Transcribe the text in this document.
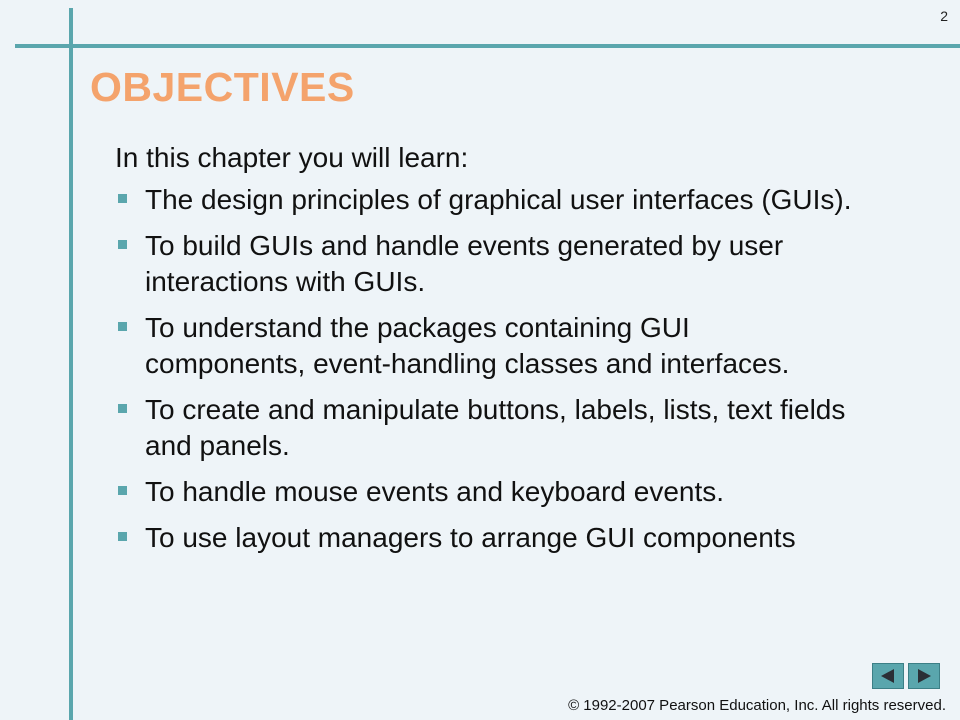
2
OBJECTIVES
In this chapter you will learn:
The design principles of graphical user interfaces (GUIs).
To build GUIs and handle events generated by user interactions with GUIs.
To understand the packages containing GUI components, event-handling classes and interfaces.
To create and manipulate buttons, labels, lists, text fields and panels.
To handle mouse events and keyboard events.
To use layout managers to arrange GUI components
© 1992-2007 Pearson Education, Inc. All rights reserved.
